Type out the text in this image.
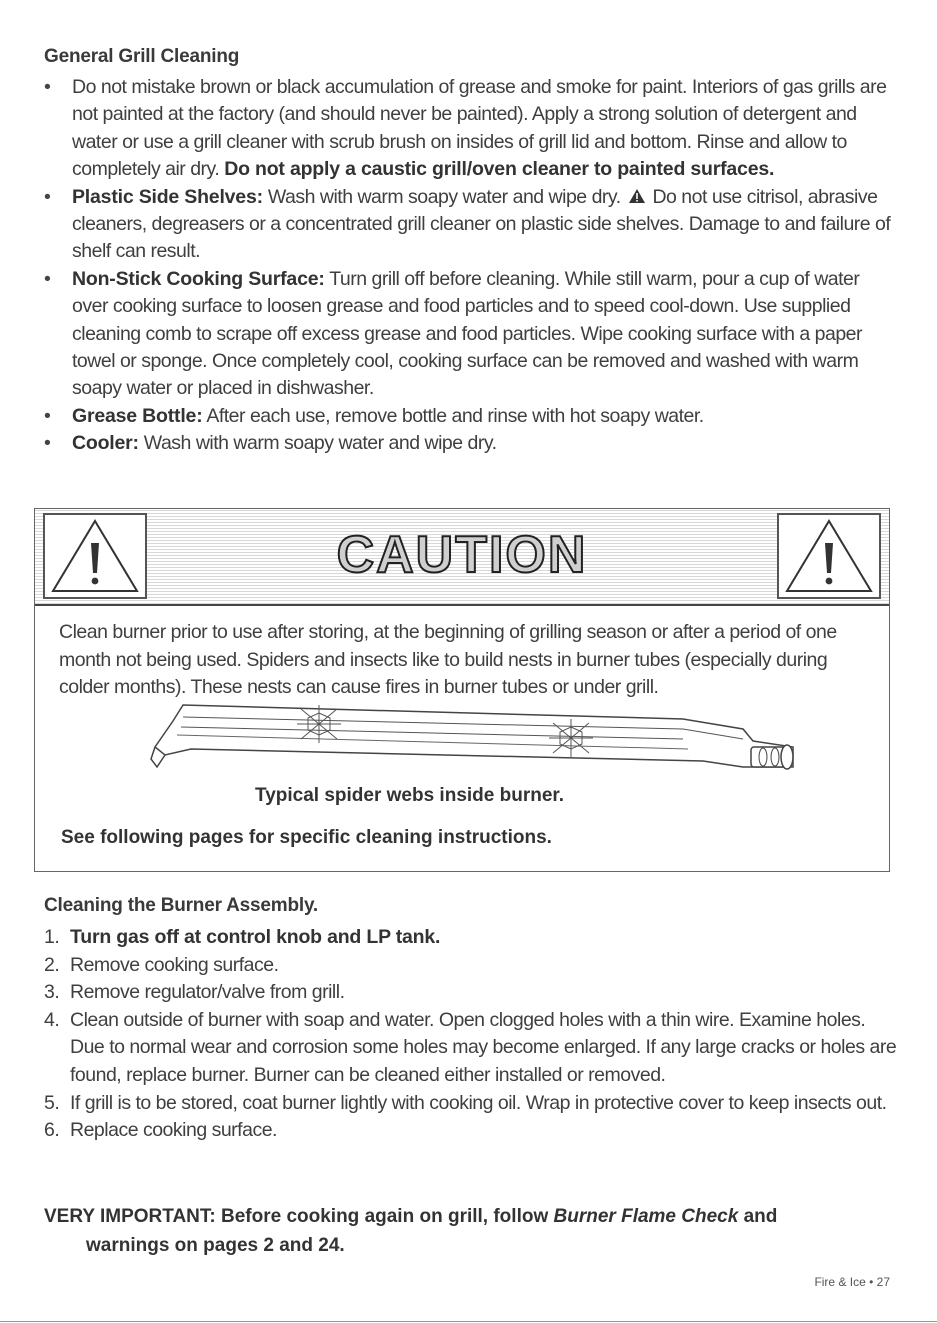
General Grill Cleaning
• Do not mistake brown or black accumulation of grease and smoke for paint. Interiors of gas grills are not painted at the factory (and should never be painted). Apply a strong solution of detergent and water or use a grill cleaner with scrub brush on insides of grill lid and bottom. Rinse and allow to completely air dry. Do not apply a caustic grill/oven cleaner to painted surfaces.
• Plastic Side Shelves: Wash with warm soapy water and wipe dry.  Do not use citrisol, abrasive cleaners, degreasers or a concentrated grill cleaner on plastic side shelves. Damage to and failure of shelf can result.
• Non-Stick Cooking Surface: Turn grill off before cleaning. While still warm, pour a cup of water over cooking surface to loosen grease and food particles and to speed cool-down. Use supplied cleaning comb to scrape off excess grease and food particles. Wipe cooking surface with a paper towel or sponge. Once completely cool, cooking surface can be removed and washed with warm soapy water or placed in dishwasher.
• Grease Bottle: After each use, remove bottle and rinse with hot soapy water.
• Cooler: Wash with warm soapy water and wipe dry.
CAUTION
Clean burner prior to use after storing, at the beginning of grilling season or after a period of one month not being used. Spiders and insects like to build nests in burner tubes (especially during colder months). These nests can cause fires in burner tubes or under grill.
Typical spider webs inside burner.
See following pages for specific cleaning instructions.
Cleaning the Burner Assembly.
1. Turn gas off at control knob and LP tank.
2. Remove cooking surface.
3. Remove regulator/valve from grill.
4. Clean outside of burner with soap and water. Open clogged holes with a thin wire. Examine holes. Due to normal wear and corrosion some holes may become enlarged. If any large cracks or holes are found, replace burner. Burner can be cleaned either installed or removed.
5. If grill is to be stored, coat burner lightly with cooking oil. Wrap in protective cover to keep insects out.
6. Replace cooking surface.
VERY IMPORTANT: Before cooking again on grill, follow Burner Flame Check and
warnings on pages 2 and 24.
Fire & Ice • 27
